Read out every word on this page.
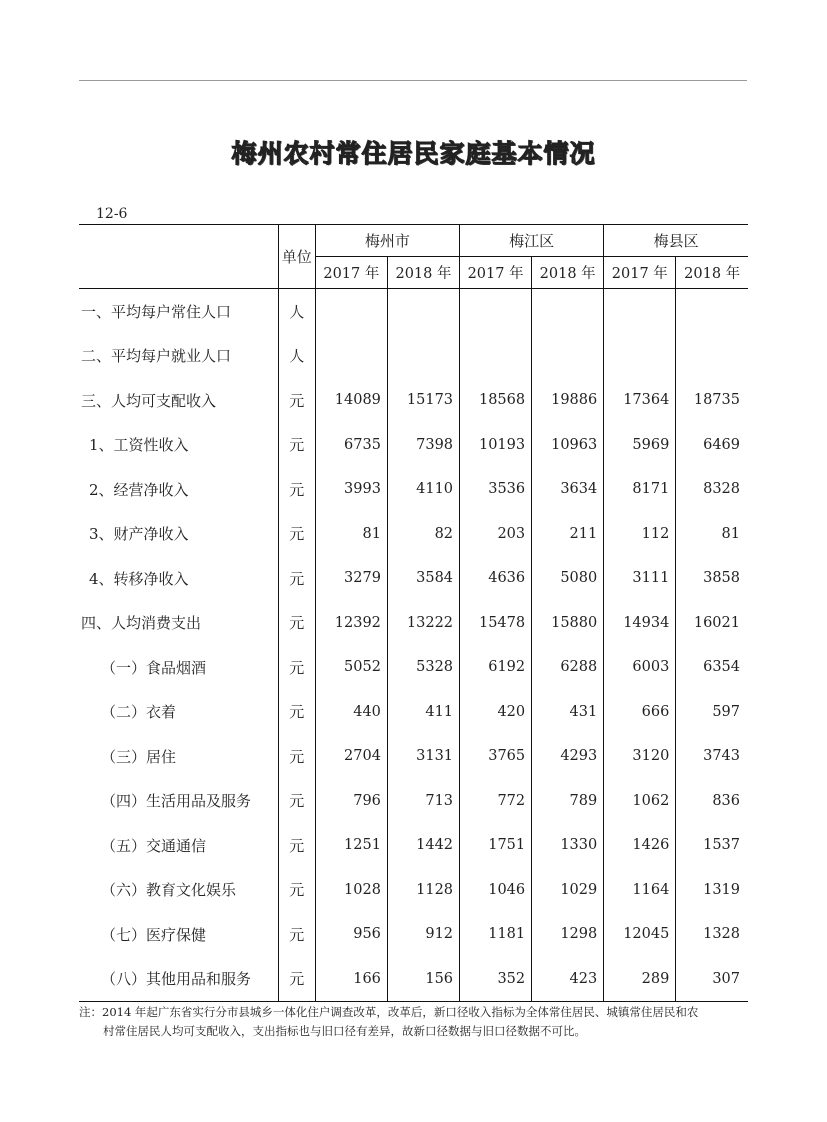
梅州农村常住居民家庭基本情况
12-6
	单位	梅州市		梅江区		梅县区	
		2017 年	2018 年	2017 年	2018 年	2017 年	2018 年
一、平均每户常住人口	人						
二、平均每户就业人口	人						
三、人均可支配收入	元	14089	15173	18568	19886	17364	18735
1、工资性收入	元	6735	7398	10193	10963	5969	6469
2、经营净收入	元	3993	4110	3536	3634	8171	8328
3、财产净收入	元	81	82	203	211	112	81
4、转移净收入	元	3279	3584	4636	5080	3111	3858
四、人均消费支出	元	12392	13222	15478	15880	14934	16021
（一）食品烟酒	元	5052	5328	6192	6288	6003	6354
（二）衣着	元	440	411	420	431	666	597
（三）居住	元	2704	3131	3765	4293	3120	3743
（四）生活用品及服务	元	796	713	772	789	1062	836
（五）交通通信	元	1251	1442	1751	1330	1426	1537
（六）教育文化娱乐	元	1028	1128	1046	1029	1164	1319
（七）医疗保健	元	956	912	1181	1298	12045	1328
（八）其他用品和服务	元	166	156	352	423	289	307
注：2014 年起广东省实行分市县城乡一体化住户调查改革，改革后，新口径收入指标为全体常住居民、城镇常住居民和农
村常住居民人均可支配收入，支出指标也与旧口径有差异，故新口径数据与旧口径数据不可比。
